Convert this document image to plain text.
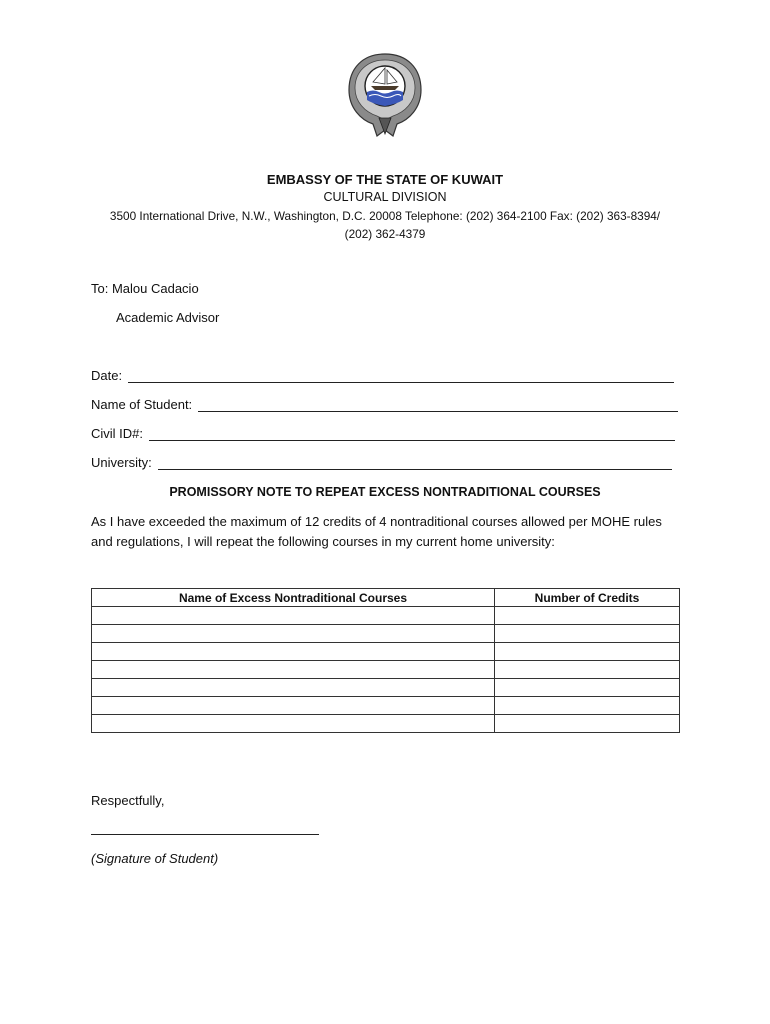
EMBASSY OF THE STATE OF KUWAIT
CULTURAL DIVISION
3500 International Drive, N.W., Washington, D.C. 20008 Telephone: (202) 364-2100 Fax: (202) 363-8394/ (202) 362-4379
To: Malou Cadacio
Academic Advisor
Date:
Name of Student:
Civil ID#:
University:
PROMISSORY NOTE TO REPEAT EXCESS NONTRADITIONAL COURSES
As I have exceeded the maximum of 12 credits of 4 nontraditional courses allowed per MOHE rules and regulations, I will repeat the following courses in my current home university:
Name of Excess Nontraditional Courses	Number of Credits

Respectfully,
(Signature of Student)
